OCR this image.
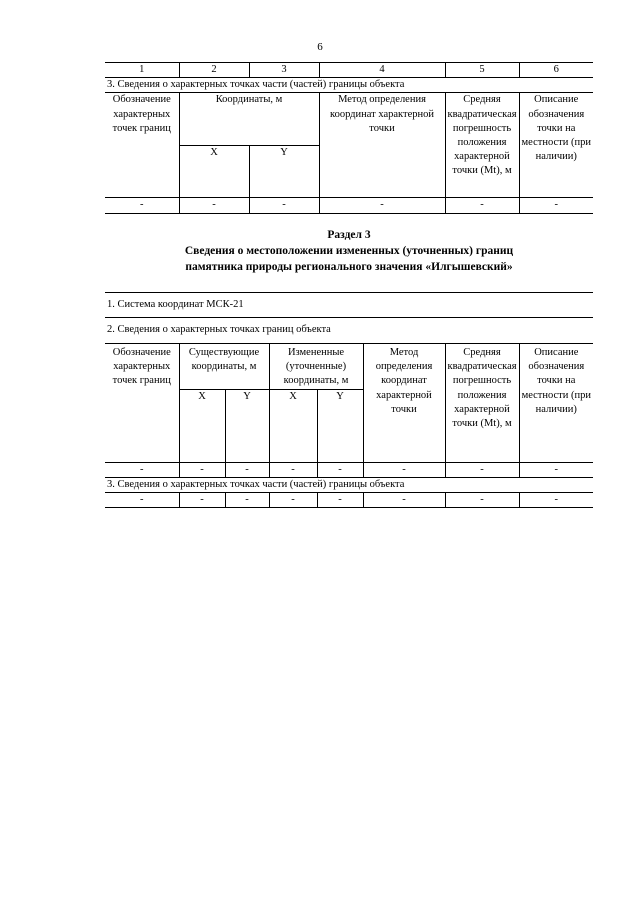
6
1	2	3	4	5	6
3. Сведения о характерных точках части (частей) границы объекта					
Обозначение характерных точек границ	Координаты, м		Метод определения координат характерной точки	Средняя квадратическая погрешность положения характерной точки (Mt), м	Описание обозначения точки на местности (при наличии)
	X	Y			
-	-	-	-	-	-
Раздел 3
Сведения о местоположении измененных (уточненных) границ
памятника природы регионального значения «Илгышевский»
1. Система координат МСК-21							
2. Сведения о характерных точках границ объекта							
Обозначение характерных точек границ	Существующие координаты, м		Измененные (уточненные) координаты, м		Метод определения координат характерной точки	Средняя квадратическая погрешность положения характерной точки (Mt), м	Описание обозначения точки на местности (при наличии)
	X	Y	X	Y			
-	-	-	-	-	-	-	-
3. Сведения о характерных точках части (частей) границы объекта							
-	-	-	-	-	-	-	-
